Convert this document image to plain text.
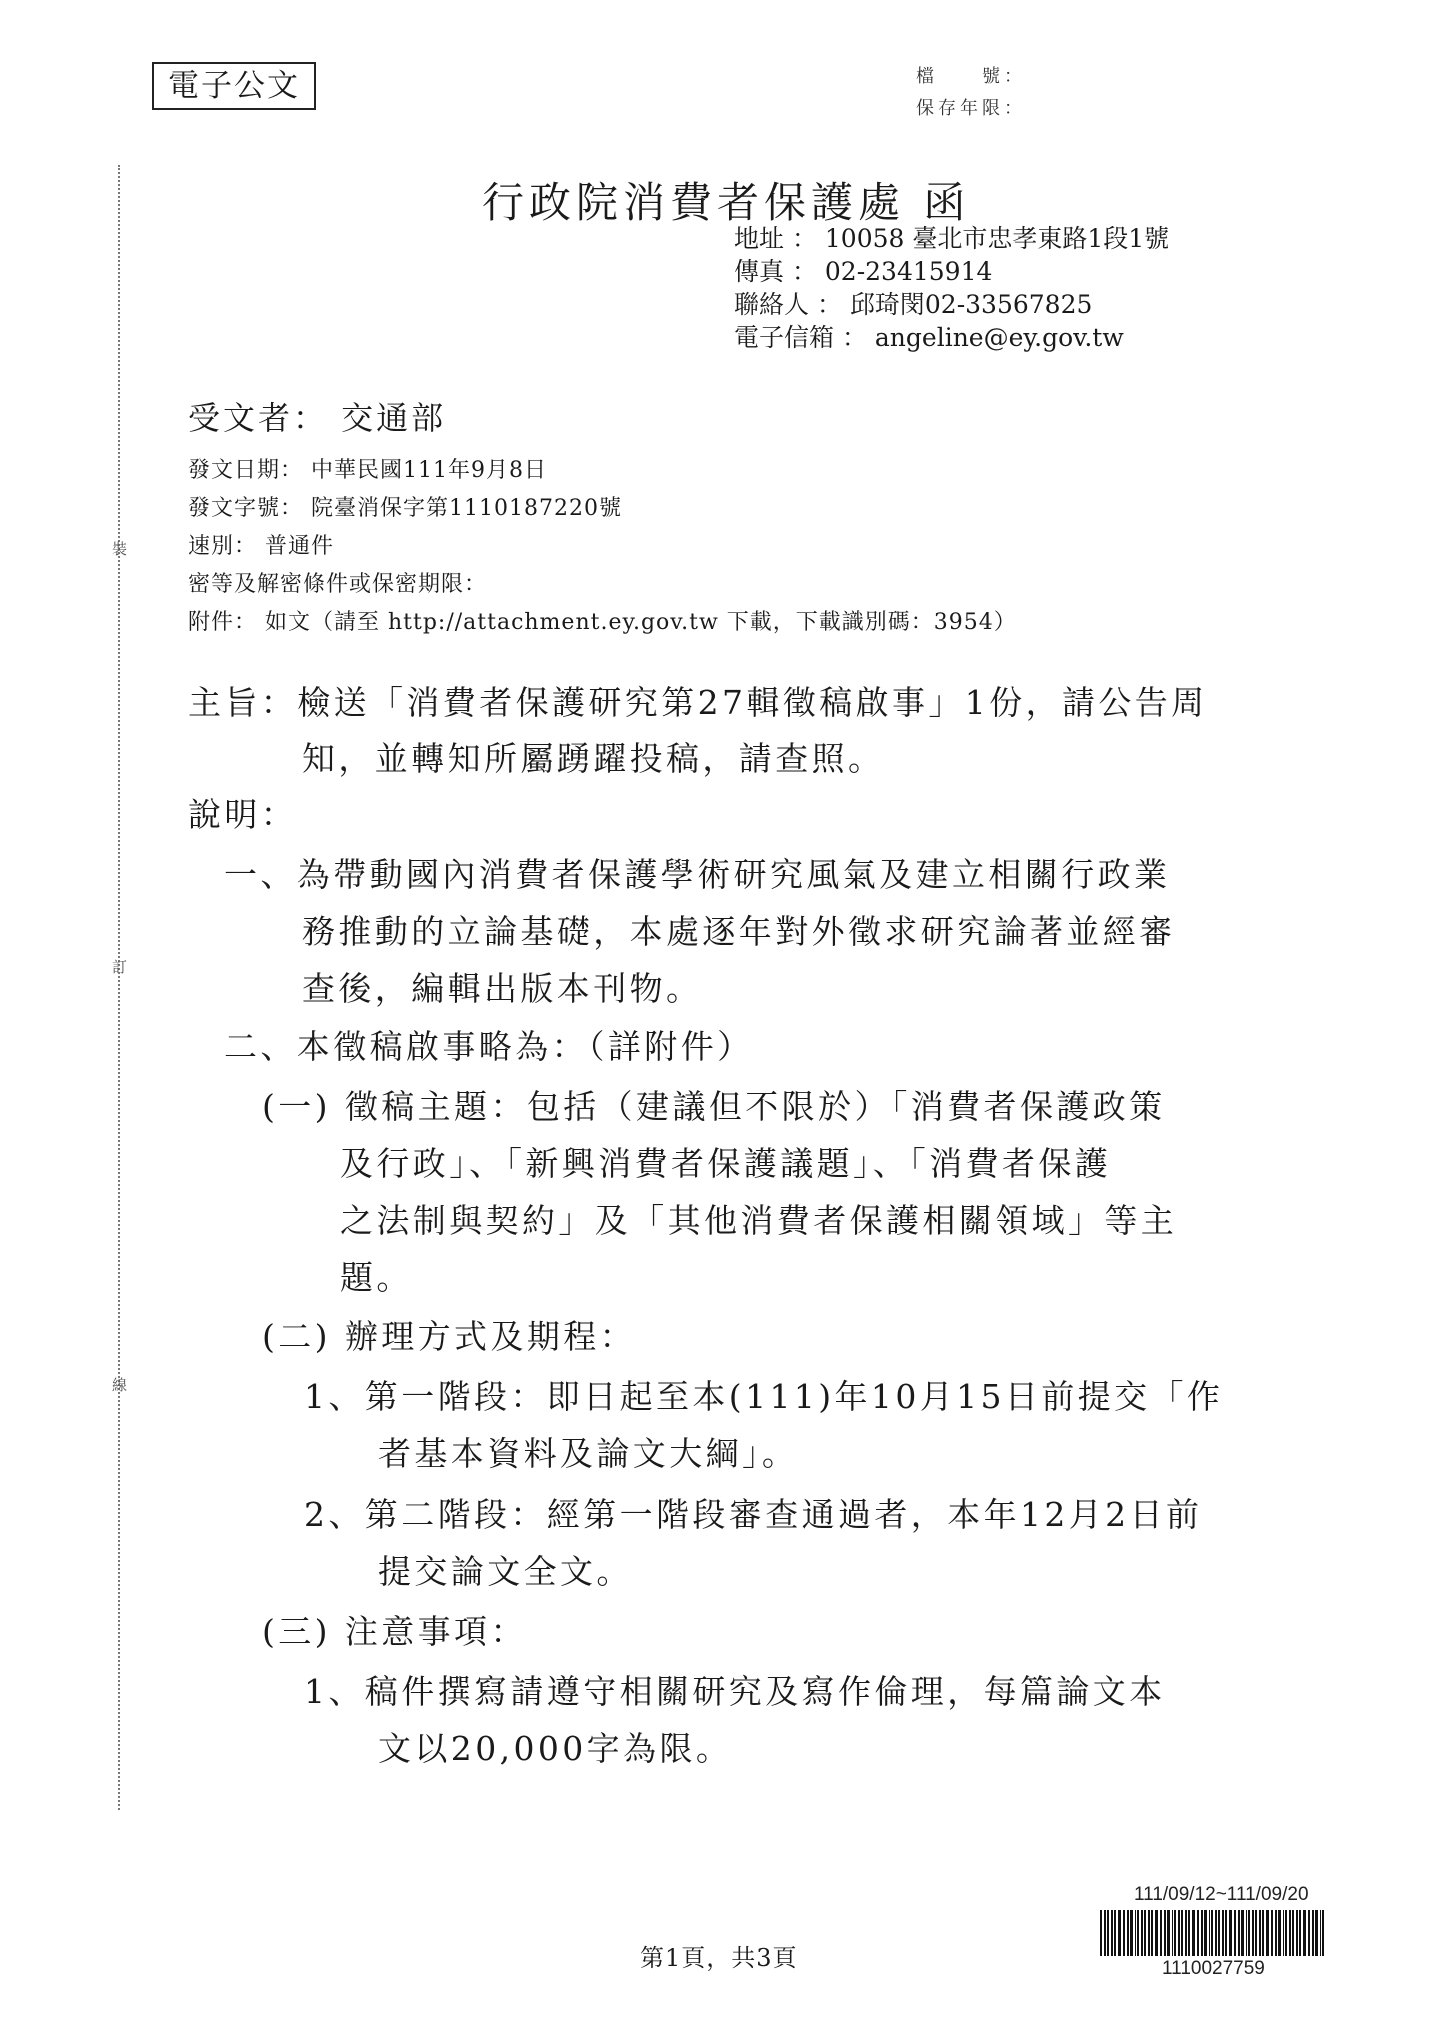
電子公文	檔　　號：
保存年限：
裝
訂
線
行政院消費者保護處 函
地址 ： 10058 臺北市忠孝東路1段1號
傳真 ： 02-23415914
聯絡人 ： 邱琦閔02-33567825
電子信箱 ： angeline@ey.gov.tw
受文者： 交通部
發文日期： 中華民國111年9月8日
發文字號： 院臺消保字第1110187220號
速別： 普通件
密等及解密條件或保密期限：
附件： 如文（請至 http://attachment.ey.gov.tw 下載，下載識別碼：3954）
主旨：檢送「消費者保護研究第27輯徵稿啟事」1份，請公告周
知，並轉知所屬踴躍投稿，請查照。
說明：
一、為帶動國內消費者保護學術研究風氣及建立相關行政業
務推動的立論基礎，本處逐年對外徵求研究論著並經審
查後，編輯出版本刊物。
二、本徵稿啟事略為：（詳附件）
(一) 徵稿主題：包括（建議但不限於）「消費者保護政策
及行政」、「新興消費者保護議題」、「消費者保護
之法制與契約」及「其他消費者保護相關領域」等主
題。
(二) 辦理方式及期程：
1、第一階段：即日起至本(111)年10月15日前提交「作
者基本資料及論文大綱」。
2、第二階段：經第一階段審查通過者，本年12月2日前
提交論文全文。
(三) 注意事項：
1、稿件撰寫請遵守相關研究及寫作倫理，每篇論文本
文以20,000字為限。
第1頁，共3頁
111/09/12~111/09/20
1110027759
